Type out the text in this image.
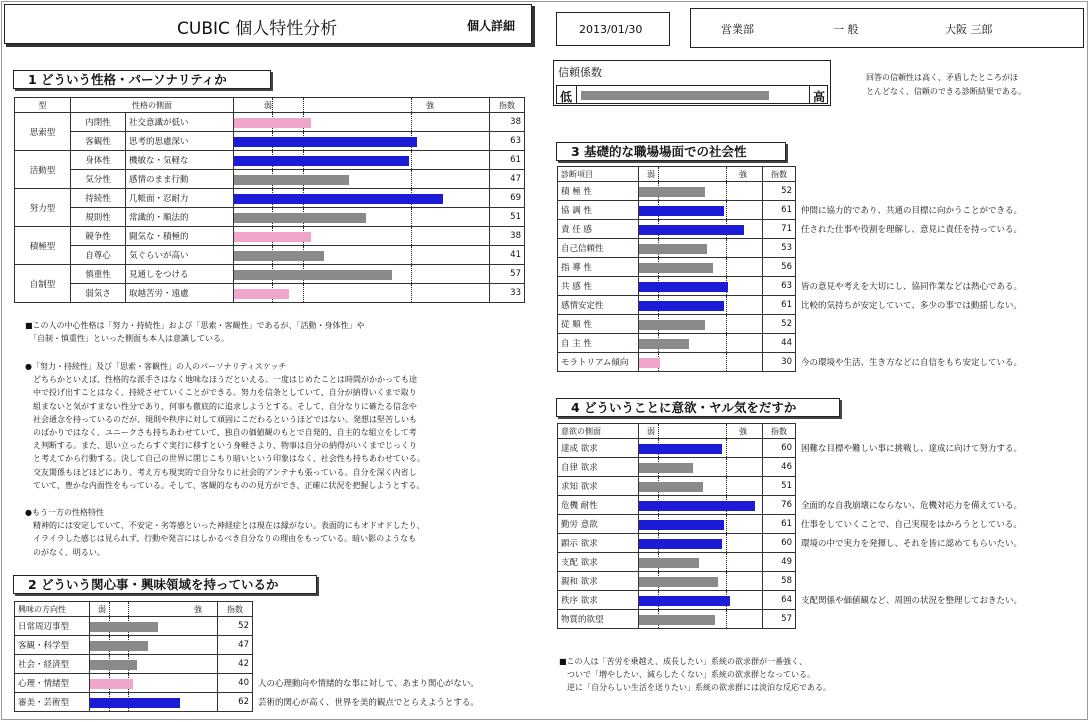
CUBIC 個人特性分析	個人詳細	2013/01/30	営業部	一 般	大阪 三郎
信頼係数
低	高
回答の信頼性は高く、矛盾したところがほ
とんどなく、信頼のできる診断結果である。
1 どういう性格・パーソナリティか
型	性格の側面		弱 強	指数
思索型	内閉性	社交意識が低い		38
	客観性	思考的思慮深い		63
活動型	身体性	機敏な・気軽な		61
	気分性	感情のまま行動		47
努力型	持続性	几帳面・忍耐力		69
	規則性	常識的・順法的		51
積極型	競争性	闘気な・積極的		38
	自尊心	気ぐらいが高い		41
自制型	慎重性	見通しをつける		57
	弱気さ	取越苦労・遠慮		33
■この人の中心性格は「努力・持続性」および「思索・客観性」であるが、「活動・身体性」や
　「自制・慎重性」といった側面も本人は意識している。
●「努力・持続性」及び「思索・客観性」の人のパーソナリティスケッチ
　どちらかといえば、性格的な派手さはなく地味なほうだといえる。一度はじめたことは時間がかかっても途
　中で投げ出すことはなく、持続させていくことができる。努力を信条としていて、自分が納得いくまで取り
　組まないと気がすまない性分であり、何事も徹底的に追求しようとする。そして、自分なりに確たる信念や
　社会通念を持っているのだが、規則や秩序に対して頑固にこだわるというほどではない。発想は堅苦しいも
　のばかりではなく、ユニークさも持ちあわせていて、独自の価値観のもとで自発的、自主的な組立をして考
　え判断する。また、思い立ったらすぐ実行に移すという身軽さより、物事は自分の納得がいくまでじっくり
　と考えてから行動する。決して自己の世界に閉じこもり暗いという印象はなく、社会性も持ちあわせている。
　交友関係もほどほどにあり、考え方も現実的で自分なりに社会的アンテナも張っている。自分を深く内省し
　ていて、豊かな内面性をもっている。そして、客観的なものの見方ができ、正確に状況を把握しようとする。
●もう一方の性格特性
　精神的には安定していて、不安定・劣等感といった神経症とは現在は縁がない。表面的にもオドオドしたり、
　イライラした感じは見られず、行動や発言にはしかるべき自分なりの理由をもっている。暗い影のようなも
　のがなく、明るい。
2 どういう関心事・興味領域を持っているか
興味の方向性	弱 強	指数
日常周辺事型		52
客観・科学型		47
社会・経済型		42
心理・情緒型		40
審美・芸術型		62
3 基礎的な職場場面での社会性
診断項目	弱 強	指数
積 極 性		52
協 調 性		61
責 任 感		71
自己信頼性		53
指 導 性		56
共 感 性		63
感情安定性		61
従 順 性		52
自 主 性		44
モラトリアム傾向		30
4 どういうことに意欲・ヤル気をだすか
意欲の側面	弱 強	指数
達成 欲求		60
自律 欲求		46
求知 欲求		51
危機 耐性		76
勤労 意欲		61
顕示 欲求		60
支配 欲求		49
親和 欲求		58
秩序 欲求		64
物質的欲望		57
■この人は「苦労を乗越え、成長したい」系統の欲求群が一番強く、
　ついで「増やしたい、減らしたくない」系統の欲求群となっている。
　逆に「自分らしい生活を送りたい」系統の欲求群には淡泊な反応である。
人の心理動向や情緒的な事に対して、あまり関心がない。
芸術的関心が高く、世界を美的観点でとらえようとする。
仲間に協力的であり、共通の目標に向かうことができる。
任された仕事や役割を理解し、意見に責任を持っている。
皆の意見や考えを大切にし、協同作業などは熱心である。
比較的気持ちが安定していて、多少の事では動揺しない。
今の環境や生活、生き方などに自信をもち安定している。
困難な目標や難しい事に挑戦し、達成に向けて努力する。
全面的な自我崩壊にならない、危機対応力を備えている。
仕事をしていくことで、自己実現をはかろうとしている。
環境の中で実力を発揮し、それを皆に認めてもらいたい。
支配関係や価値観など、周囲の状況を整理しておきたい。
